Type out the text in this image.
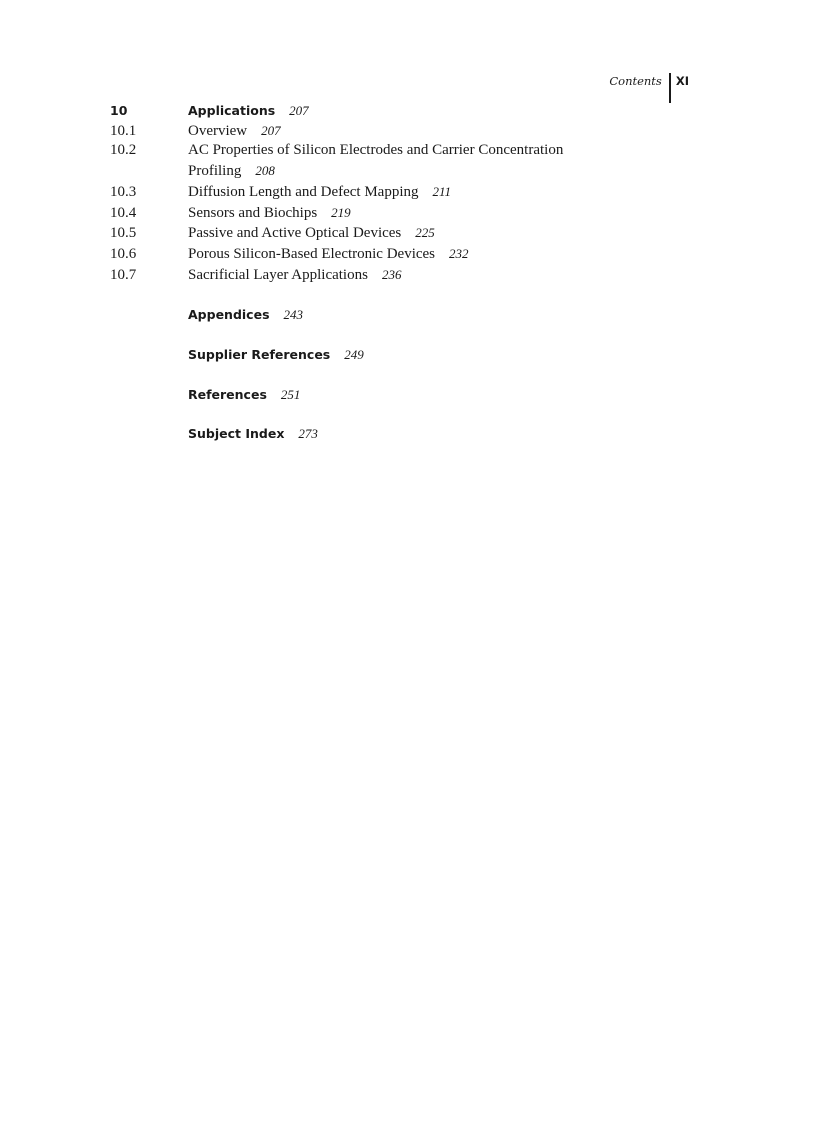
Contents XI
10	Applications 207
10.1	Overview 207
10.2	AC Properties of Silicon Electrodes and Carrier Concentration
Profiling 208
10.3	Diffusion Length and Defect Mapping 211
10.4	Sensors and Biochips 219
10.5	Passive and Active Optical Devices 225
10.6	Porous Silicon-Based Electronic Devices 232
10.7	Sacrificial Layer Applications 236
Appendices 243
Supplier References 249
References 251
Subject Index 273
